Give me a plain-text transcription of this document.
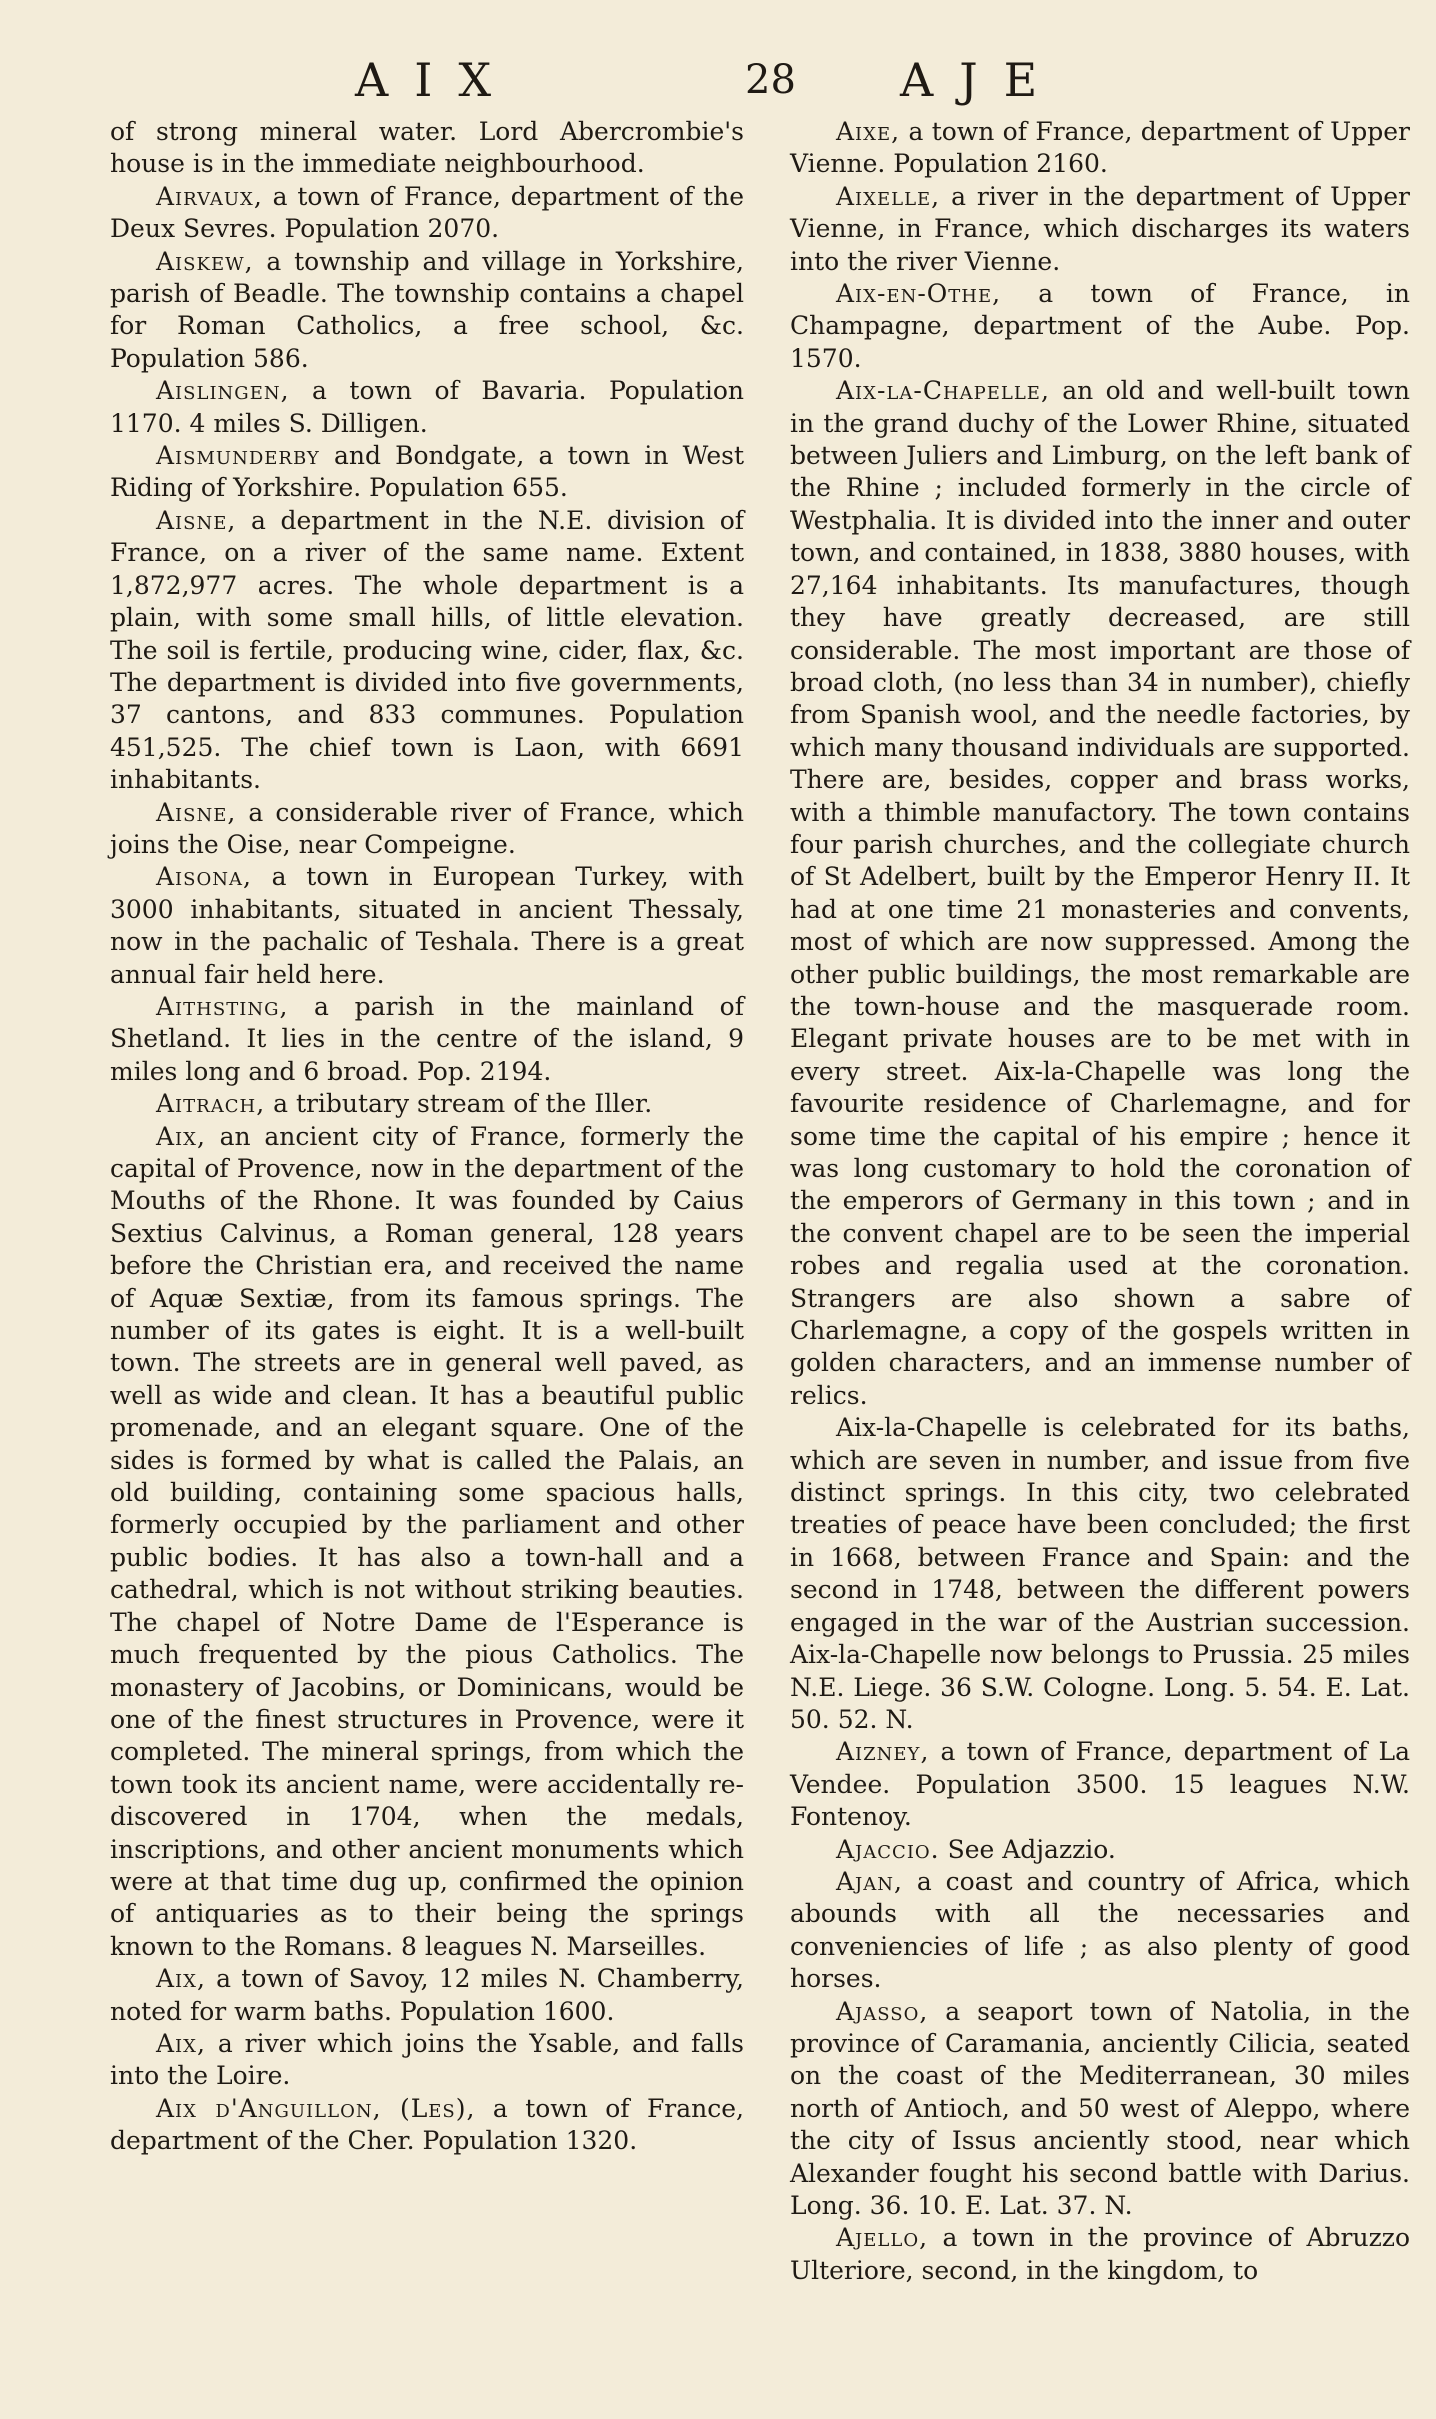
AIX	28 AJE

of strong mineral water. Lord Abercrombie's house is in the immediate neighbourhood.

Airvaux, a town of France, department of the Deux Sevres. Population 2070.

Aiskew, a township and village in Yorkshire, parish of Beadle. The township contains a chapel for Roman Catholics, a free school, &c. Population 586.

Aislingen, a town of Bavaria. Population 1170. 4 miles S. Dilligen.

Aismunderby and Bondgate, a town in West Riding of Yorkshire. Population 655.

Aisne, a department in the N.E. division of France, on a river of the same name. Extent 1,872,977 acres. The whole department is a plain, with some small hills, of little elevation. The soil is fertile, producing wine, cider, flax, &c. The department is divided into five governments, 37 cantons, and 833 communes. Population 451,525. The chief town is Laon, with 6691 inhabitants.

Aisne, a considerable river of France, which joins the Oise, near Compeigne.

Aisona, a town in European Turkey, with 3000 inhabitants, situated in ancient Thessaly, now in the pachalic of Teshala. There is a great annual fair held here.

Aithsting, a parish in the mainland of Shetland. It lies in the centre of the island, 9 miles long and 6 broad. Pop. 2194.

Aitrach, a tributary stream of the Iller.

Aix, an ancient city of France, formerly the capital of Provence, now in the department of the Mouths of the Rhone. It was founded by Caius Sextius Calvinus, a Roman general, 128 years before the Christian era, and received the name of Aquæ Sextiæ, from its famous springs. The number of its gates is eight. It is a well-built town. The streets are in general well paved, as well as wide and clean. It has a beautiful public promenade, and an elegant square. One of the sides is formed by what is called the Palais, an old building, containing some spacious halls, formerly occupied by the parliament and other public bodies. It has also a town-hall and a cathedral, which is not without striking beauties. The chapel of Notre Dame de l'Esperance is much frequented by the pious Catholics. The monastery of Jacobins, or Dominicans, would be one of the finest structures in Provence, were it completed. The mineral springs, from which the town took its ancient name, were accidentally re-discovered in 1704, when the medals, inscriptions, and other ancient monuments which were at that time dug up, confirmed the opinion of antiquaries as to their being the springs known to the Romans. 8 leagues N. Marseilles.

Aix, a town of Savoy, 12 miles N. Chamberry, noted for warm baths. Population 1600.

Aix, a river which joins the Ysable, and falls into the Loire.

Aix d'Anguillon, (Les), a town of France, department of the Cher. Population 1320.

Aixe, a town of France, department of Upper Vienne. Population 2160.

Aixelle, a river in the department of Upper Vienne, in France, which discharges its waters into the river Vienne.

Aix-en-Othe, a town of France, in Champagne, department of the Aube. Pop. 1570.

Aix-la-Chapelle, an old and well-built town in the grand duchy of the Lower Rhine, situated between Juliers and Limburg, on the left bank of the Rhine ; included formerly in the circle of Westphalia. It is divided into the inner and outer town, and contained, in 1838, 3880 houses, with 27,164 inhabitants. Its manufactures, though they have greatly decreased, are still considerable. The most important are those of broad cloth, (no less than 34 in number), chiefly from Spanish wool, and the needle factories, by which many thousand individuals are supported. There are, besides, copper and brass works, with a thimble manufactory. The town contains four parish churches, and the collegiate church of St Adelbert, built by the Emperor Henry II. It had at one time 21 monasteries and convents, most of which are now suppressed. Among the other public buildings, the most remarkable are the town-house and the masquerade room. Elegant private houses are to be met with in every street. Aix-la-Chapelle was long the favourite residence of Charlemagne, and for some time the capital of his empire ; hence it was long customary to hold the coronation of the emperors of Germany in this town ; and in the convent chapel are to be seen the imperial robes and regalia used at the coronation. Strangers are also shown a sabre of Charlemagne, a copy of the gospels written in golden characters, and an immense number of relics.

Aix-la-Chapelle is celebrated for its baths, which are seven in number, and issue from five distinct springs. In this city, two celebrated treaties of peace have been concluded; the first in 1668, between France and Spain: and the second in 1748, between the different powers engaged in the war of the Austrian succession. Aix-la-Chapelle now belongs to Prussia. 25 miles N.E. Liege. 36 S.W. Cologne. Long. 5. 54. E. Lat. 50. 52. N.

Aizney, a town of France, department of La Vendee. Population 3500. 15 leagues N.W. Fontenoy.

Ajaccio. See Adjazzio.

Ajan, a coast and country of Africa, which abounds with all the necessaries and conveniencies of life ; as also plenty of good horses.

Ajasso, a seaport town of Natolia, in the province of Caramania, anciently Cilicia, seated on the coast of the Mediterranean, 30 miles north of Antioch, and 50 west of Aleppo, where the city of Issus anciently stood, near which Alexander fought his second battle with Darius. Long. 36. 10. E. Lat. 37. N.

Ajello, a town in the province of Abruzzo Ulteriore, second, in the kingdom, to
